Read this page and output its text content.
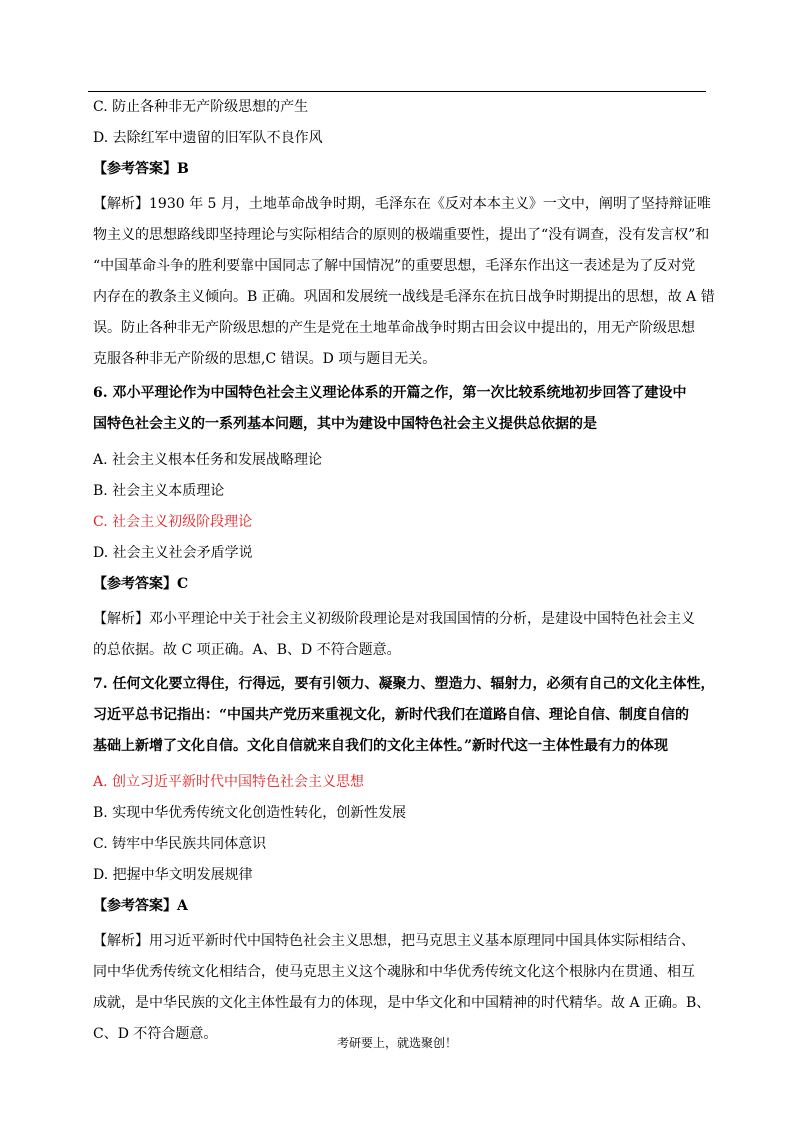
C. 防止各种非无产阶级思想的产生
D. 去除红军中遗留的旧军队不良作风
【参考答案】B
【解析】1930 年 5 月，土地革命战争时期，毛泽东在《反对本本主义》一文中，阐明了坚持辩证唯
物主义的思想路线即坚持理论与实际相结合的原则的极端重要性，提出了“没有调查，没有发言权”和
“中国革命斗争的胜利要靠中国同志了解中国情况”的重要思想，毛泽东作出这一表述是为了反对党
内存在的教条主义倾向。B 正确。巩固和发展统一战线是毛泽东在抗日战争时期提出的思想，故 A 错
误。防止各种非无产阶级思想的产生是党在土地革命战争时期古田会议中提出的，用无产阶级思想
克服各种非无产阶级的思想,C 错误。D 项与题目无关。
6. 邓小平理论作为中国特色社会主义理论体系的开篇之作，第一次比较系统地初步回答了建设中
国特色社会主义的一系列基本问题，其中为建设中国特色社会主义提供总依据的是
A. 社会主义根本任务和发展战略理论
B. 社会主义本质理论
C. 社会主义初级阶段理论
D. 社会主义社会矛盾学说
【参考答案】C
【解析】邓小平理论中关于社会主义初级阶段理论是对我国国情的分析，是建设中国特色社会主义
的总依据。故 C 项正确。A、B、D 不符合题意。
7. 任何文化要立得住，行得远，要有引领力、凝聚力、塑造力、辐射力，必须有自己的文化主体性，
习近平总书记指出：“中国共产党历来重视文化，新时代我们在道路自信、理论自信、制度自信的
基础上新增了文化自信。文化自信就来自我们的文化主体性。”新时代这一主体性最有力的体现
A. 创立习近平新时代中国特色社会主义思想
B. 实现中华优秀传统文化创造性转化，创新性发展
C. 铸牢中华民族共同体意识
D. 把握中华文明发展规律
【参考答案】A
【解析】用习近平新时代中国特色社会主义思想，把马克思主义基本原理同中国具体实际相结合、
同中华优秀传统文化相结合，使马克思主义这个魂脉和中华优秀传统文化这个根脉内在贯通、相互
成就，是中华民族的文化主体性最有力的体现，是中华文化和中国精神的时代精华。故 A 正确。B、
C、D 不符合题意。
考研要上，就选聚创！
